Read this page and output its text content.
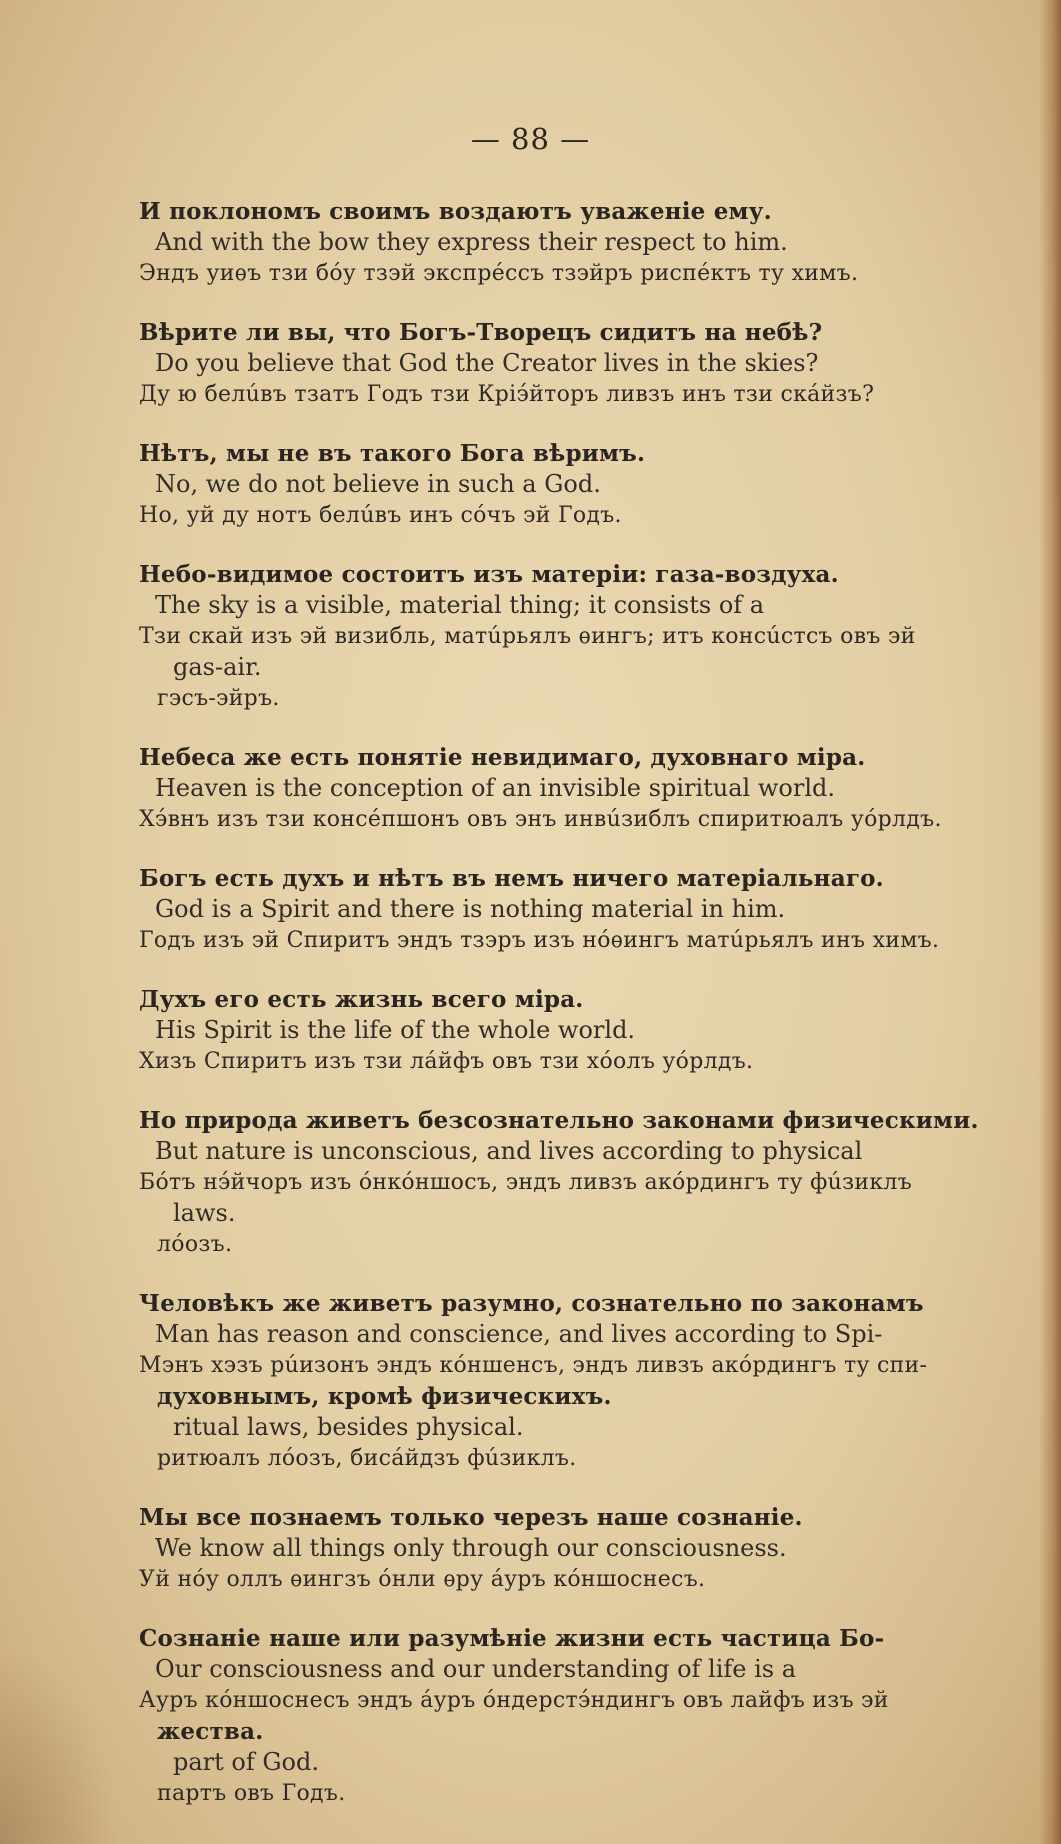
— 88 —
И поклономъ своимъ воздаютъ уваженіе ему.
And with the bow they express their respect to him.
Эндъ уиѳъ тзи бóу тзэй экспрéссъ тзэйръ риспéктъ ту химъ.
Вѣрите ли вы, что Богъ-Творецъ сидитъ на небѣ?
Do you believe that God the Creator lives in the skies?
Ду ю белúвъ тзатъ Годъ тзи Кріэ́йторъ ливзъ инъ тзи скáйзъ?
Нѣтъ, мы не въ такого Бога вѣримъ.
No, we do not believe in such a God.
Но, уй ду нотъ белúвъ инъ сóчъ эй Годъ.
Небо-видимое состоитъ изъ матеріи: газа-воздуха.
The sky is a visible, material thing; it consists of a
Тзи скай изъ эй визибль, матúрьялъ ѳингъ; итъ консúстсъ овъ эй
gas-air.
гэсъ-эйръ.
Небеса же есть понятіе невидимаго, духовнаго міра.
Heaven is the conception of an invisible spiritual world.
Хэ́внъ изъ тзи консéпшонъ овъ энъ инвúзиблъ спиритюалъ уóрлдъ.
Богъ есть духъ и нѣтъ въ немъ ничего матеріальнаго.
God is a Spirit and there is nothing material in him.
Годъ изъ эй Спиритъ эндъ тзэръ изъ нóѳингъ матúрьялъ инъ химъ.
Духъ его есть жизнь всего міра.
His Spirit is the life of the whole world.
Хизъ Спиритъ изъ тзи лáйфъ овъ тзи хóолъ уóрлдъ.
Но природа живетъ безсознательно законами физическими.
But nature is unconscious, and lives according to physical
Бóтъ нэ́йчоръ изъ óнкóншосъ, эндъ ливзъ акóрдингъ ту фúзиклъ
laws.
лóозъ.
Человѣкъ же живетъ разумно, сознательно по законамъ
Man has reason and conscience, and lives according to Spi-
Мэнъ хэзъ рúизонъ эндъ кóншенсъ, эндъ ливзъ акóрдингъ ту спи-
духовнымъ, кромѣ физическихъ.
ritual laws, besides physical.
ритюалъ лóозъ, бисáйдзъ фúзиклъ.
Мы все познаемъ только черезъ наше сознаніе.
We know all things only through our consciousness.
Уй нóу оллъ ѳингзъ óнли ѳру áуръ кóншоснесъ.
Сознаніе наше или разумѣніе жизни есть частица Бо-
Our consciousness and our understanding of life is a
Ауръ кóншоснесъ эндъ áуръ óндерстэ́ндингъ овъ лайфъ изъ эй
жества.
part of God.
партъ овъ Годъ.
